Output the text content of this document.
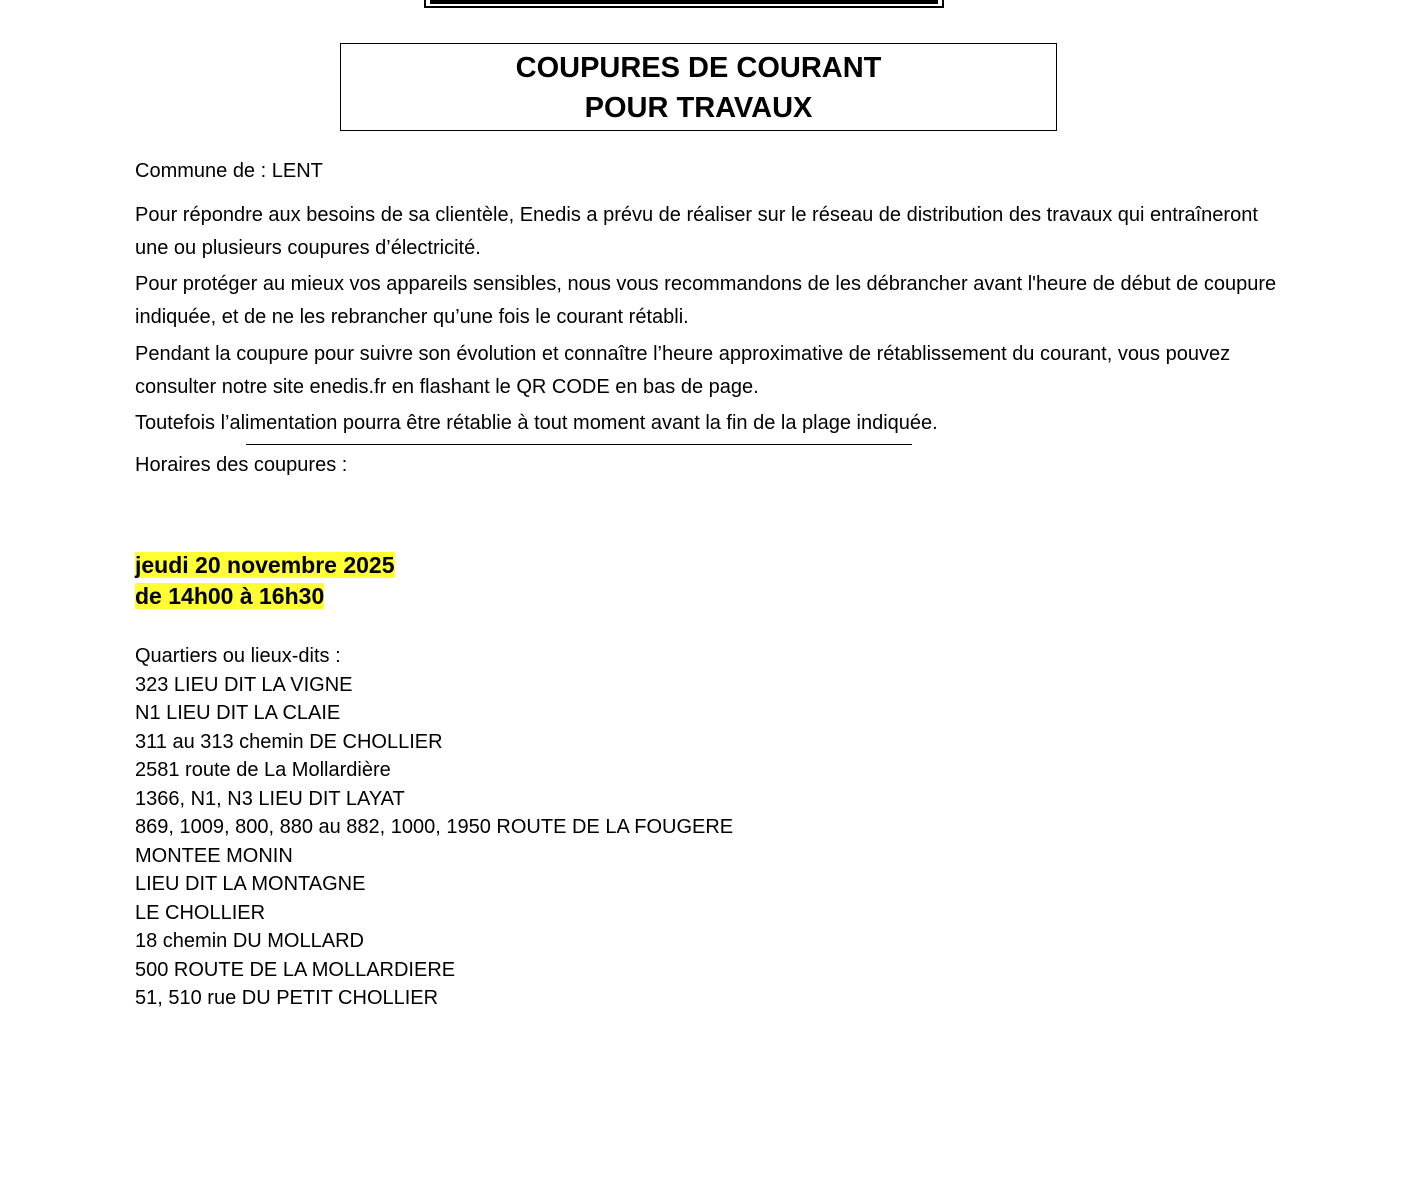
COUPURES DE COURANT
POUR TRAVAUX
Commune de : LENT
Pour répondre aux besoins de sa clientèle, Enedis a prévu de réaliser sur le réseau de distribution des travaux qui entraîneront une ou plusieurs coupures d’électricité.
Pour protéger au mieux vos appareils sensibles, nous vous recommandons de les débrancher avant l'heure de début de coupure indiquée, et de ne les rebrancher qu’une fois le courant rétabli.
Pendant la coupure pour suivre son évolution et connaître l’heure approximative de rétablissement du courant, vous pouvez consulter notre site enedis.fr en flashant le QR CODE en bas de page.
Toutefois l’alimentation pourra être rétablie à tout moment avant la fin de la plage indiquée.
Horaires des coupures :
jeudi 20 novembre 2025
de 14h00 à 16h30
Quartiers ou lieux-dits :
323 LIEU DIT LA VIGNE
N1 LIEU DIT LA CLAIE
311 au 313 chemin DE CHOLLIER
2581 route de La Mollardière
1366, N1, N3 LIEU DIT LAYAT
869, 1009, 800, 880 au 882, 1000, 1950 ROUTE DE LA FOUGERE
MONTEE MONIN
LIEU DIT LA MONTAGNE
LE CHOLLIER
18 chemin DU MOLLARD
500 ROUTE DE LA MOLLARDIERE
51, 510 rue DU PETIT CHOLLIER
